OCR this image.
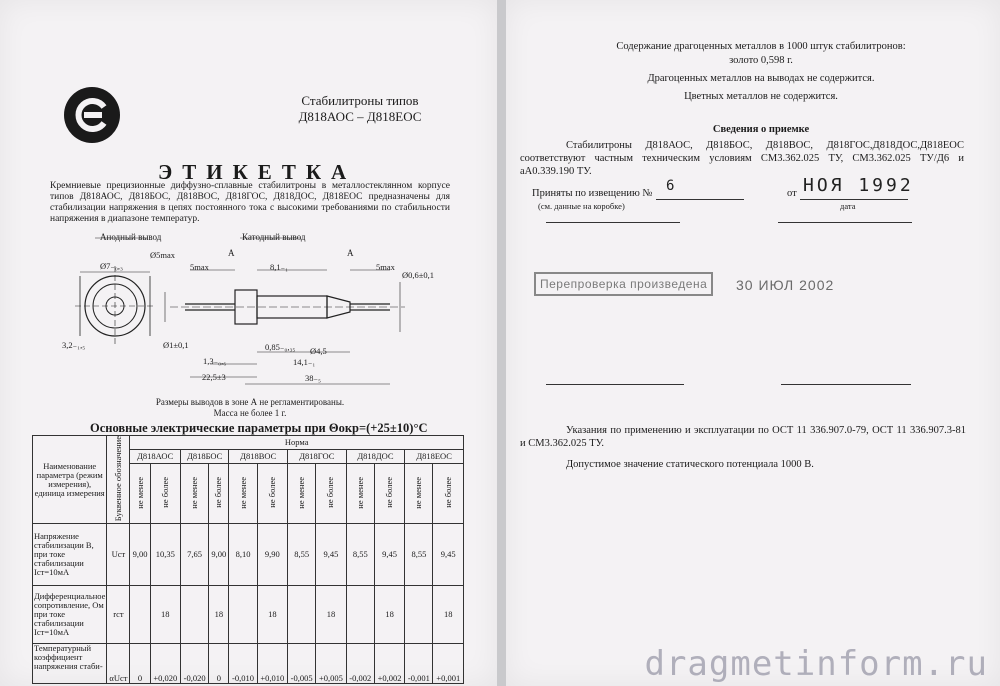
Стабилитроны типов
Д818АОС – Д818ЕОС
ЭТИКЕТКА
Кремниевые прецизионные диффузно-сплавные стабилитроны в металлостеклянном корпусе типов Д818АОС, Д818БОС, Д818ВОС, Д818ГОС, Д818ДОС, Д818ЕОС предназначены для стабилизации напряжения в цепях постоянного тока с высокими требованиями по стабильности напряжения в диапазоне температур.
Анодный вывод	Катодный вывод
Ø7₋₀,₃
Ø5max
5max
А
8,1₋₁
А
5max
Ø0,6±0,1
3,2₋₁,₅	Ø1±0,1
Ø4,5
0,85₋₀,₃₅
1,3₋₀,₆	14,1₋₁
22,5±3	38₋₅
Размеры выводов в зоне А не регламентированы.
Масса не более 1 г.
Основные электрические параметры при Θокр=(+25±10)°С
Наименование параметра (режим измерения), единица измерения	Буквенное обозначение	Норма											
		Д818АОС		Д818БОС		Д818ВОС		Д818ГОС		Д818ДОС		Д818ЕОС	
		не менее	не более	не менее	не более	не менее	не более	не менее	не более	не менее	не более	не менее	не более
Напряжение стабилизации В, при токе стабилизации Iст=10мА	Uст	9,00	10,35	7,65	9,00	8,10	9,90	8,55	9,45	8,55	9,45	8,55	9,45
Дифференциальное сопротивление, Ом при токе стабилизации Iст=10мА	rст		18		18		18		18		18		18
Температурный коэффициент напряжения стаби-	αUст	0	+0,020	-0,020	0	-0,010	+0,010	-0,005	+0,005	-0,002	+0,002	-0,001	+0,001
Содержание драгоценных металлов в 1000 штук стабилитронов:
золото 0,598 г.
Драгоценных металлов на выводах не содержится.
Цветных металлов не содержится.
Сведения о приемке
Стабилитроны Д818АОС, Д818БОС, Д818ВОС, Д818ГОС,Д818ДОС,Д818ЕОС соответствуют частным техническим условиям СМ3.362.025 ТУ, СМ3.362.025 ТУ/Д6 и аА0.339.190 ТУ.
Приняты по извещению № 6	от НОЯ 1992
(см. данные на коробке)	дата
Перепроверка произведена	30 ИЮЛ 2002
Указания по применению и эксплуатации по ОСТ 11 336.907.0-79, ОСТ 11 336.907.3-81 и СМ3.362.025 ТУ.
Допустимое значение статического потенциала 1000 В.
dragmetinform.ru
